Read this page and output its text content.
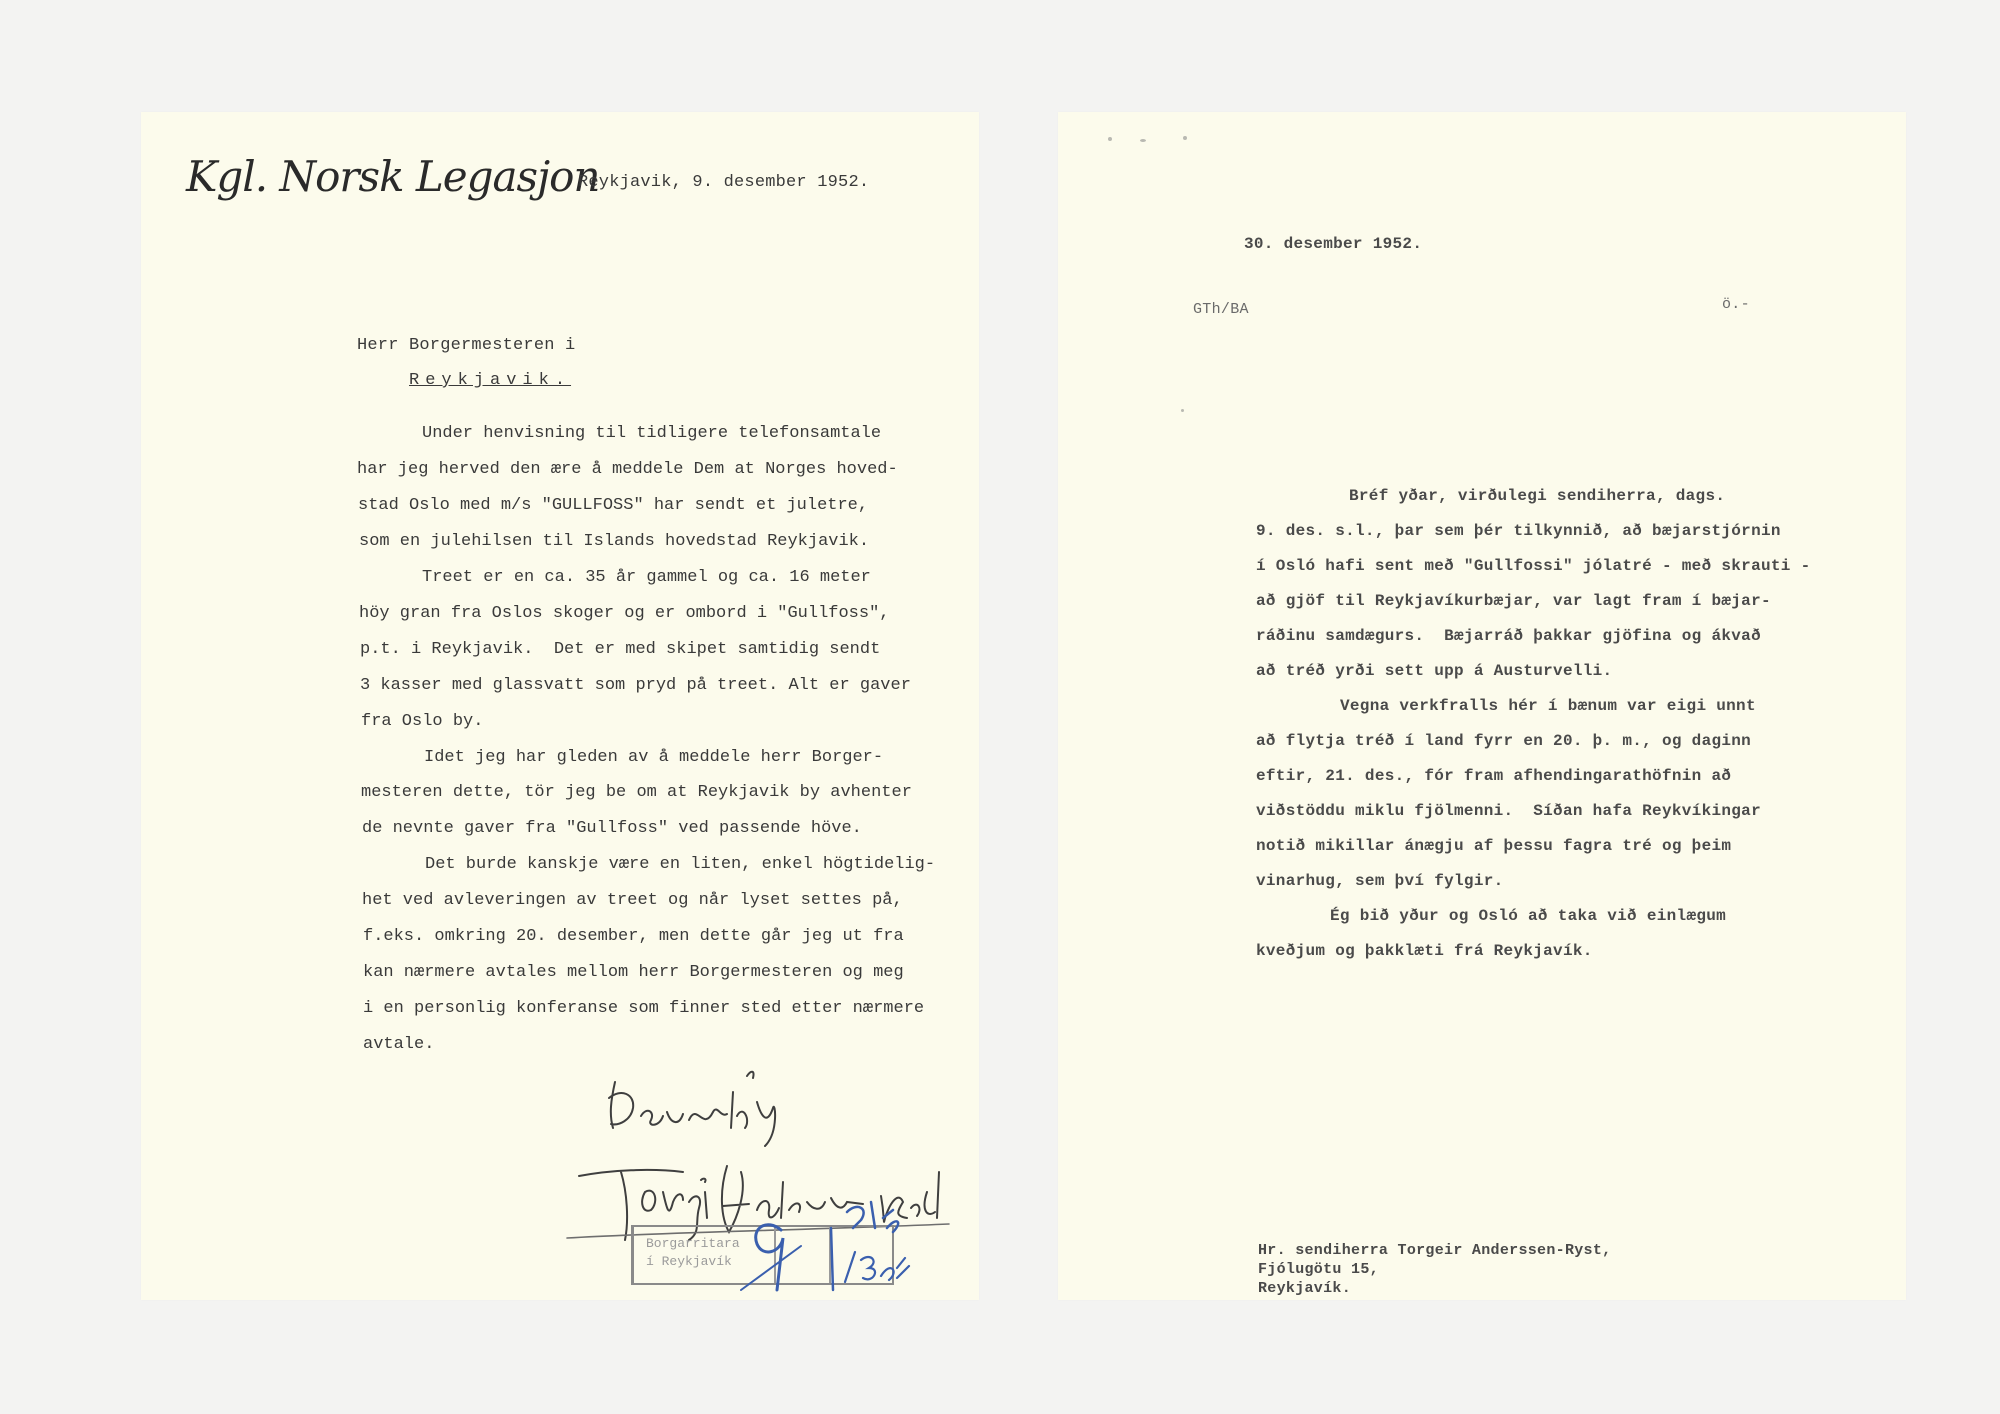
Kgl. Norsk Legasjon
Reykjavik, 9. desember 1952.
Herr Borgermesteren i
Reykjavik.
Under henvisning til tidligere telefonsamtale
har jeg herved den ære å meddele Dem at Norges hoved-
stad Oslo med m/s "GULLFOSS" har sendt et juletre,
som en julehilsen til Islands hovedstad Reykjavik.
Treet er en ca. 35 år gammel og ca. 16 meter
höy gran fra Oslos skoger og er ombord i "Gullfoss",
p.t. i Reykjavik.  Det er med skipet samtidig sendt
3 kasser med glassvatt som pryd på treet. Alt er gaver
fra Oslo by.
Idet jeg har gleden av å meddele herr Borger-
mesteren dette, tör jeg be om at Reykjavik by avhenter
de nevnte gaver fra "Gullfoss" ved passende höve.
Det burde kanskje være en liten, enkel högtidelig-
het ved avleveringen av treet og når lyset settes på,
f.eks. omkring 20. desember, men dette går jeg ut fra
kan nærmere avtales mellom herr Borgermesteren og meg
i en personlig konferanse som finner sted etter nærmere
avtale.
Borgarritara
í Reykjavík
30. desember 1952.
GTh/BA	ö.-
Bréf yðar, virðulegi sendiherra, dags.
9. des. s.l., þar sem þér tilkynnið, að bæjarstjórnin
í Osló hafi sent með "Gullfossi" jólatré - með skrauti -
að gjöf til Reykjavíkurbæjar, var lagt fram í bæjar-
ráðinu samdægurs.  Bæjarráð þakkar gjöfina og ákvað
að tréð yrði sett upp á Austurvelli.
Vegna verkfralls hér í bænum var eigi unnt
að flytja tréð í land fyrr en 20. þ. m., og daginn
eftir, 21. des., fór fram afhendingarathöfnin að
viðstöddu miklu fjölmenni.  Síðan hafa Reykvíkingar
notið mikillar ánægju af þessu fagra tré og þeim
vinarhug, sem því fylgir.
Ég bið yður og Osló að taka við einlægum
kveðjum og þakklæti frá Reykjavík.
Hr. sendiherra Torgeir Anderssen-Ryst,
Fjólugötu 15,
Reykjavík.
